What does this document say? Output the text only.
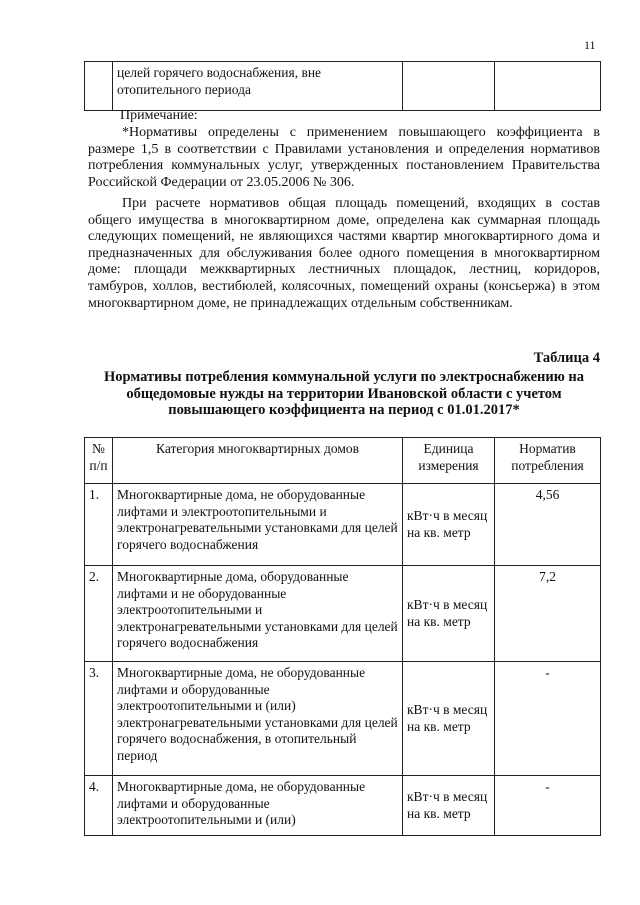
11
	целей горячего водоснабжения, вне отопительного периода		
Примечание:
*Нормативы определены с применением повышающего коэффициента в размере 1,5 в соответствии с Правилами установления и определения нормативов потребления коммунальных услуг, утвержденных постановлением Правительства Российской Федерации от 23.05.2006 № 306.
При расчете нормативов общая площадь помещений, входящих в состав общего имущества в многоквартирном доме, определена как суммарная площадь следующих помещений, не являющихся частями квартир многоквартирного дома и предназначенных для обслуживания более одного помещения в многоквартирном доме: площади межквартирных лестничных площадок, лестниц, коридоров, тамбуров, холлов, вестибюлей, колясочных, помещений охраны (консьержа) в этом многоквартирном доме, не принадлежащих отдельным собственникам.
Таблица 4
Нормативы потребления коммунальной услуги по электроснабжению на общедомовые нужды на территории Ивановской области с учетом повышающего коэффициента на период с 01.01.2017*
№ п/п	Категория многоквартирных домов	Единица измерения	Норматив потребления
1.	Многоквартирные дома, не оборудованные лифтами и электроотопительными и электронагревательными установками для целей горячего водоснабжения	кВт·ч в месяц на кв. метр	4,56
2.	Многоквартирные дома, оборудованные лифтами и не оборудованные электроотопительными и электронагревательными установками для целей горячего водоснабжения	кВт·ч в месяц на кв. метр	7,2
3.	Многоквартирные дома, не оборудованные лифтами и оборудованные электроотопительными и (или) электронагревательными установками для целей горячего водоснабжения, в отопительный период	кВт·ч в месяц на кв. метр	-
4.	Многоквартирные дома, не оборудованные лифтами и оборудованные электроотопительными и (или)	кВт·ч в месяц на кв. метр	-
